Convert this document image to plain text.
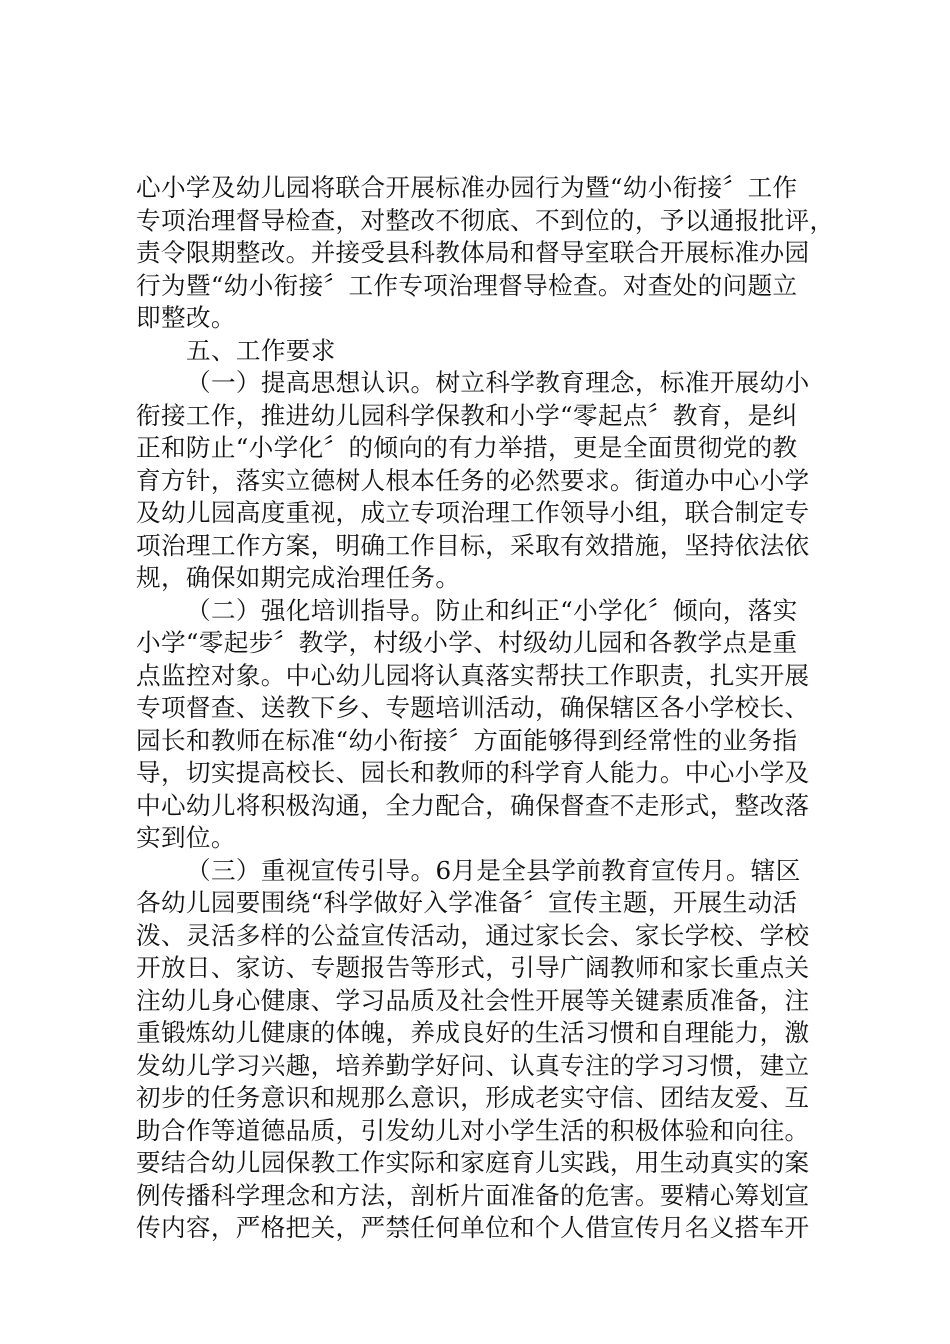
心小学及幼儿园将联合开展标准办园行为暨“幼小衔接〞工作
专项治理督导检查，对整改不彻底、不到位的，予以通报批评，
责令限期整改。并接受县科教体局和督导室联合开展标准办园
行为暨“幼小衔接〞工作专项治理督导检查。对查处的问题立
即整改。
五、工作要求
（一）提高思想认识。树立科学教育理念，标准开展幼小
衔接工作，推进幼儿园科学保教和小学“零起点〞教育，是纠
正和防止“小学化〞的倾向的有力举措，更是全面贯彻党的教
育方针，落实立德树人根本任务的必然要求。街道办中心小学
及幼儿园高度重视，成立专项治理工作领导小组，联合制定专
项治理工作方案，明确工作目标，采取有效措施，坚持依法依
规，确保如期完成治理任务。
（二）强化培训指导。防止和纠正“小学化〞倾向，落实
小学“零起步〞教学，村级小学、村级幼儿园和各教学点是重
点监控对象。中心幼儿园将认真落实帮扶工作职责，扎实开展
专项督查、送教下乡、专题培训活动，确保辖区各小学校长、
园长和教师在标准“幼小衔接〞方面能够得到经常性的业务指
导，切实提高校长、园长和教师的科学育人能力。中心小学及
中心幼儿将积极沟通，全力配合，确保督查不走形式，整改落
实到位。
（三）重视宣传引导。6月是全县学前教育宣传月。辖区
各幼儿园要围绕“科学做好入学准备〞宣传主题，开展生动活
泼、灵活多样的公益宣传活动，通过家长会、家长学校、学校
开放日、家访、专题报告等形式，引导广阔教师和家长重点关
注幼儿身心健康、学习品质及社会性开展等关键素质准备，注
重锻炼幼儿健康的体魄，养成良好的生活习惯和自理能力，激
发幼儿学习兴趣，培养勤学好问、认真专注的学习习惯，建立
初步的任务意识和规那么意识，形成老实守信、团结友爱、互
助合作等道德品质，引发幼儿对小学生活的积极体验和向往。
要结合幼儿园保教工作实际和家庭育儿实践，用生动真实的案
例传播科学理念和方法，剖析片面准备的危害。要精心筹划宣
传内容，严格把关，严禁任何单位和个人借宣传月名义搭车开
